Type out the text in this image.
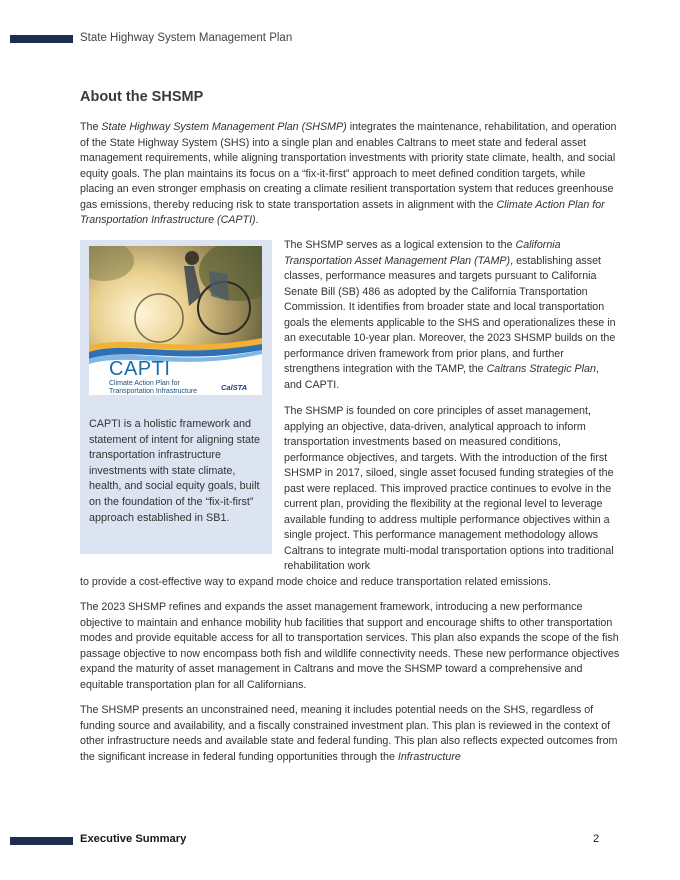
State Highway System Management Plan
About the SHSMP

The State Highway System Management Plan (SHSMP) integrates the maintenance, rehabilitation, and operation of the State Highway System (SHS) into a single plan and enables Caltrans to meet state and federal asset management requirements, while aligning transportation investments with priority state climate, health, and social equity goals. The plan maintains its focus on a “fix-it-first” approach to meet defined condition targets, while placing an even stronger emphasis on creating a climate resilient transportation system that reduces greenhouse gas emissions, thereby reducing risk to state transportation assets in alignment with the Climate Action Plan for Transportation Infrastructure (CAPTI).

CAPTI
Climate Action Plan for Transportation Infrastructure	CalSTA

CAPTI is a holistic framework and statement of intent for aligning state transportation infrastructure investments with state climate, health, and social equity goals, built on the foundation of the “fix-it-first” approach established in SB1.

The SHSMP serves as a logical extension to the California Transportation Asset Management Plan (TAMP), establishing asset classes, performance measures and targets pursuant to California Senate Bill (SB) 486 as adopted by the California Transportation Commission. It identifies from broader state and local transportation goals the elements applicable to the SHS and operationalizes these in an executable 10-year plan. Moreover, the 2023 SHSMP builds on the performance driven framework from prior plans, and further strengthens integration with the TAMP, the Caltrans Strategic Plan, and CAPTI.

The SHSMP is founded on core principles of asset management, applying an objective, data-driven, analytical approach to inform transportation investments based on measured conditions, performance objectives, and targets. With the introduction of the first SHSMP in 2017, siloed, single asset focused funding strategies of the past were replaced. This improved practice continues to evolve in the current plan, providing the flexibility at the regional level to leverage available funding to address multiple performance objectives within a single project. This performance management methodology allows Caltrans to integrate multi-modal transportation options into traditional rehabilitation work

to provide a cost-effective way to expand mode choice and reduce transportation related emissions.

The 2023 SHSMP refines and expands the asset management framework, introducing a new performance objective to maintain and enhance mobility hub facilities that support and encourage shifts to other transportation modes and provide equitable access for all to transportation services. This plan also expands the scope of the fish passage objective to now encompass both fish and wildlife connectivity needs. These new performance objectives expand the maturity of asset management in Caltrans and move the SHSMP toward a comprehensive and equitable transportation plan for all Californians.

The SHSMP presents an unconstrained need, meaning it includes potential needs on the SHS, regardless of funding source and availability, and a fiscally constrained investment plan. This plan is reviewed in the context of other infrastructure needs and available state and federal funding. This plan also reflects expected outcomes from the significant increase in federal funding opportunities through the Infrastructure

Executive Summary	2
